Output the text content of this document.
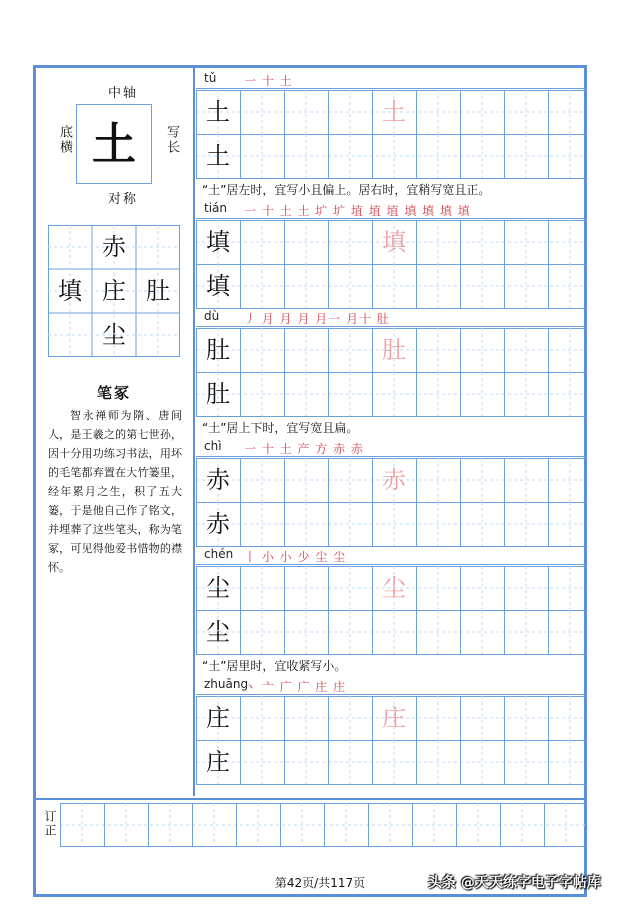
中轴
底横 土	写长
对称
赤
填 庄 肚
尘
笔冢
智永禅师为隋、唐间人，是王羲之的第七世孙，因十分用功练习书法，用坏的毛笔都弃置在大竹篓里，经年累月之生，积了五大篓，于是他自己作了铭文，并埋葬了这些笔头，称为笔冢，可见得他爱书惜物的襟怀。
tǔ 一 十 土
土
土
土
“土”居左时，宜写小且偏上。居右时，宜稍写宽且正。
tián 一 十 土 土 圹 圹 埴 埴 埴 填 填 填 填
填
填
填
dù 丿 月 月 月 月一 月十 肚
肚
肚
肚
“土”居上下时，宜写宽且扁。
chì 一 十 土 产 方 赤 赤
赤
赤
赤
chén 丨 小 小 少 尘 尘
尘
尘
尘
“土”居里时，宜收紧写小。
zhuāng
丶 亠 广 广 庄 庄
庄
庄
庄
订正
第42页/共117页	头条 @天天练字电子字帖库
